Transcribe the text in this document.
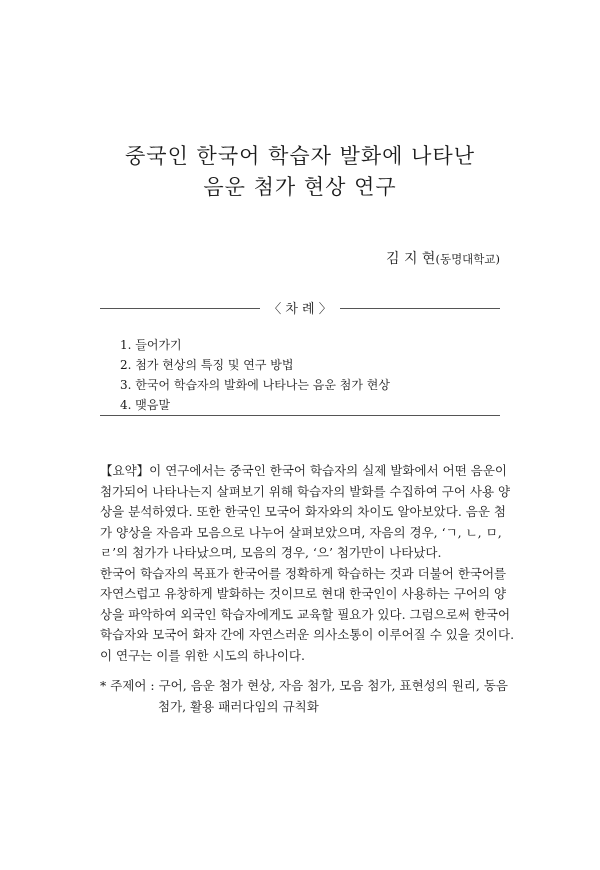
중국인 한국어 학습자 발화에 나타난
음운 첨가 현상 연구
김 지 현(동명대학교)
〈 차 례 〉
1. 들어가기
2. 첨가 현상의 특징 및 연구 방법
3. 한국어 학습자의 발화에 나타나는 음운 첨가 현상
4. 맺음말
【요약】이 연구에서는 중국인 한국어 학습자의 실제 발화에서 어떤 음운이
첨가되어 나타나는지 살펴보기 위해 학습자의 발화를 수집하여 구어 사용 양
상을 분석하였다. 또한 한국인 모국어 화자와의 차이도 알아보았다. 음운 첨
가 양상을 자음과 모음으로 나누어 살펴보았으며, 자음의 경우, ‘ㄱ, ㄴ, ㅁ,
ㄹ’의 첨가가 나타났으며, 모음의 경우, ‘으’ 첨가만이 나타났다.
한국어 학습자의 목표가 한국어를 정확하게 학습하는 것과 더불어 한국어를
자연스럽고 유창하게 발화하는 것이므로 현대 한국인이 사용하는 구어의 양
상을 파악하여 외국인 학습자에게도 교육할 필요가 있다. 그럼으로써 한국어
학습자와 모국어 화자 간에 자연스러운 의사소통이 이루어질 수 있을 것이다.
이 연구는 이를 위한 시도의 하나이다.
* 주제어 : 구어, 음운 첨가 현상, 자음 첨가, 모음 첨가, 표현성의 원리, 동음
첨가, 활용 패러다임의 규칙화
